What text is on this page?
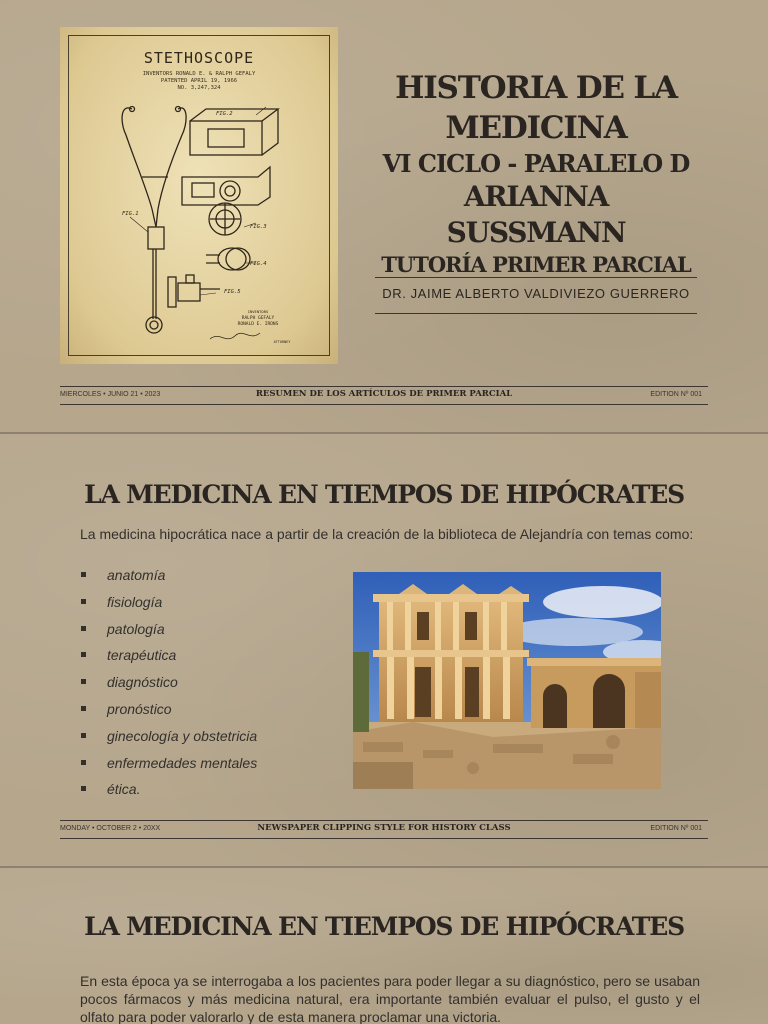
STETHOSCOPE
INVENTORS RONALD E. & RALPH GEFALY
PATENTED APRIL 19, 1966
NO. 3,247,324
FIG.2
FIG.1
FIG.3
FIG.4
FIG.5
INVENTORS
RALPH GEFALY
RONALD E. IRONS
ATTORNEY
HISTORIA DE LA
MEDICINA
VI CICLO - PARALELO D
ARIANNA SUSSMANN
TUTORÍA PRIMER PARCIAL
DR. JAIME ALBERTO VALDIVIEZO GUERRERO
MIERCOLES • JUNIO 21 • 2023	RESUMEN DE LOS ARTÍCULOS DE PRIMER PARCIAL	EDITION Nº 001
LA MEDICINA EN TIEMPOS DE HIPÓCRATES
La medicina hipocrática nace a partir de la creación de la biblioteca de Alejandría con temas como:
anatomía
fisiología
patología
terapéutica
diagnóstico
pronóstico
ginecología y obstetricia
enfermedades mentales
ética.
MONDAY • OCTOBER 2 • 20XX	NEWSPAPER CLIPPING STYLE FOR HISTORY CLASS	EDITION Nº 001
LA MEDICINA EN TIEMPOS DE HIPÓCRATES
En esta época ya se interrogaba a los pacientes para poder llegar a su diagnóstico, pero se usaban pocos fármacos y más medicina natural, era importante también evaluar el pulso, el gusto y el olfato para poder valorarlo y de esta manera proclamar una victoria.
